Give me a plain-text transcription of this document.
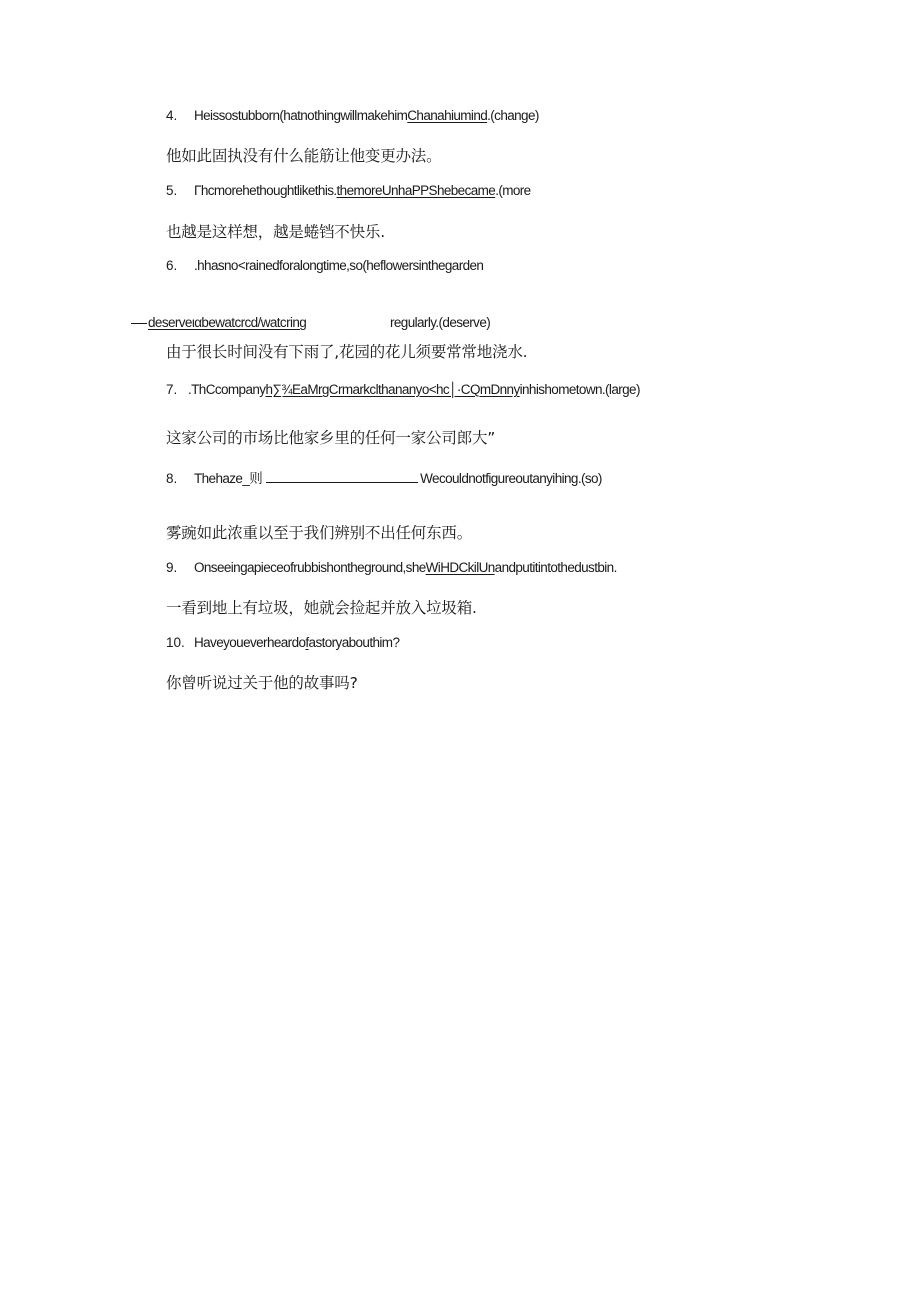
4. Heissostubborn(hatnothingwillmakehimChanahiumind.(change)
他如此固执没有什么能筋让他变更办法。
5. Γhcmorehethoughtlikethis.themoreUnhaPPShebecame.(more
也越是这样想，越是蜷铛不快乐.
6. .hhasno<rainedforalongtime,so(heflowersinthegarden
deserveιαbewatcrcd/watcring	regularly.(deserve)
由于很长时间没有下雨了,花园的花儿须要常常地浇水.
7. .ThCcompanyh∑¾EaMrgCrmarkclthananyo<hc│·CQmDnnyinhishometown.(large)
这家公司的市场比他家乡里的任何一家公司郎大”
8. Thehaze_则	Wecouldnotfigureoutanyihing.(so)
雾豌如此浓重以至于我们辨别不出任何东西。
9. Onseeingapieceofrubbishontheground,sheWiHDCkilUnandputitintothedustbin.
一看到地上有垃圾，她就会捡起并放入垃圾箱.
10. Haveyoueverheardofastoryabouthim?
你曾听说过关于他的故事吗?
